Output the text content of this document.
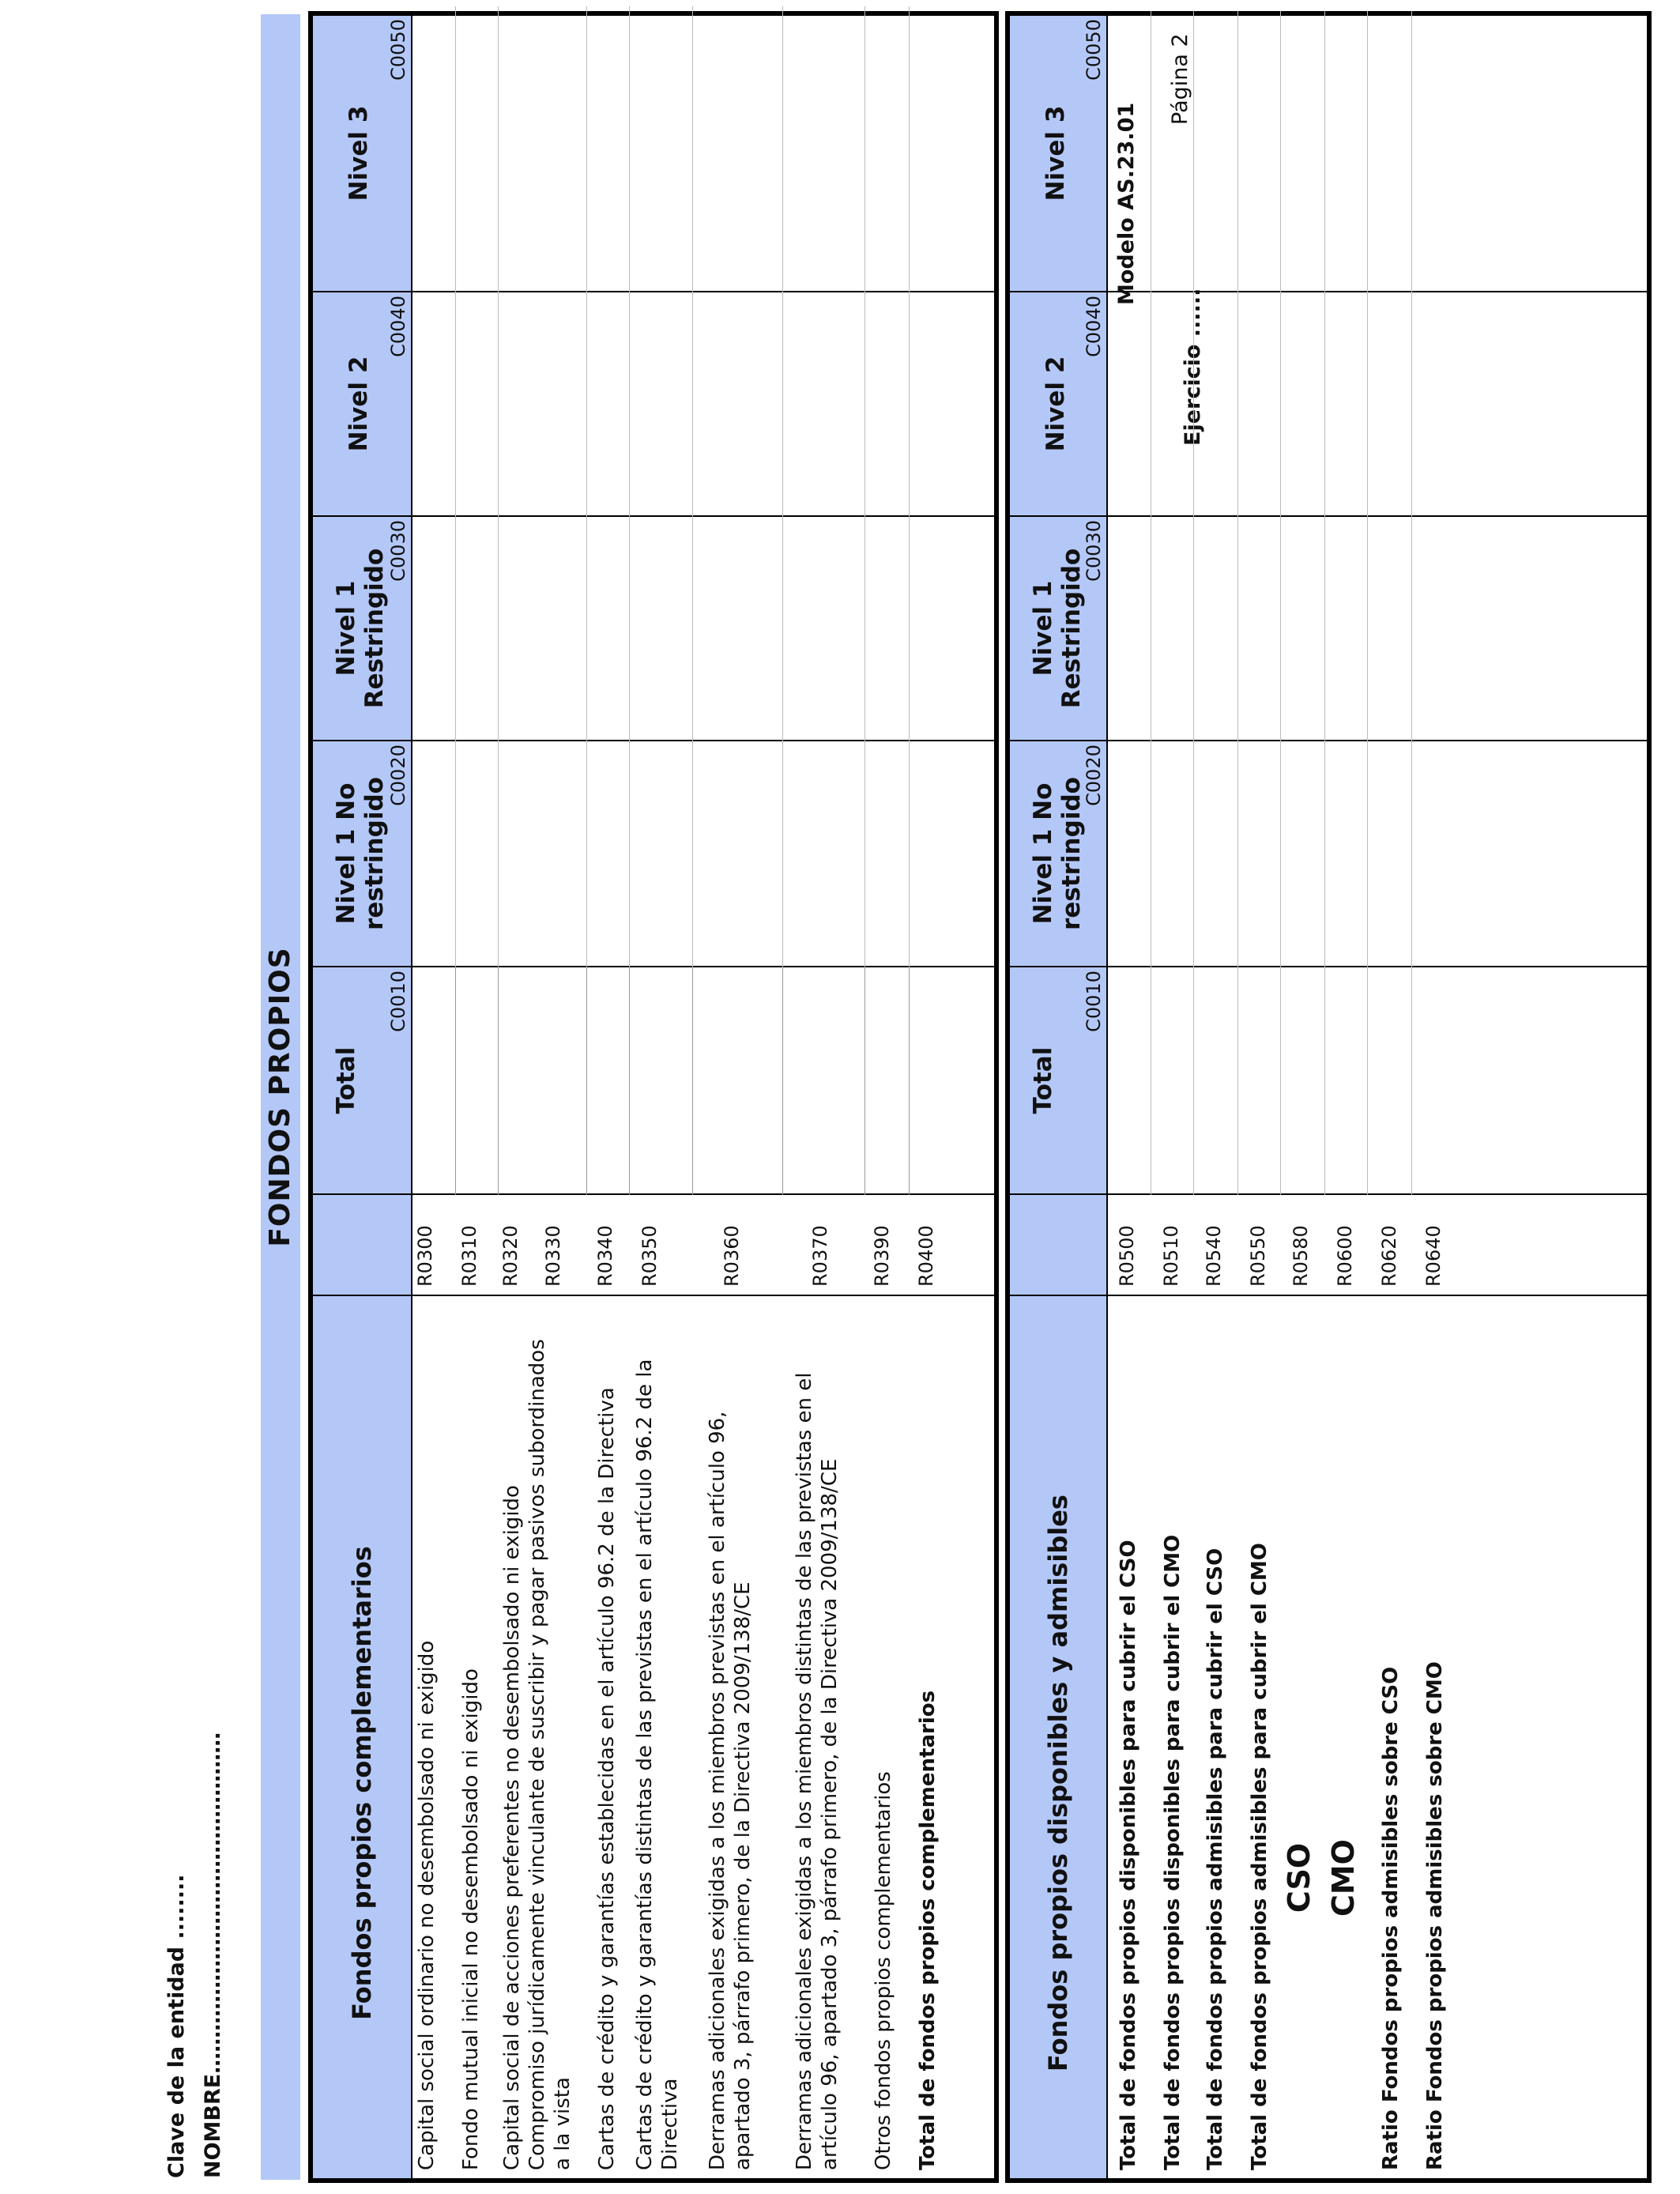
Clave de la entidad ........ NOMBRE…………………………………………
Modelo AS.23.01
Página 2
Ejercicio ......
FONDOS PROPIOS
Fondos propios complementarios
Total
C0010
Nivel 1 No restringido
C0020
Nivel 1 Restringido
C0030
Nivel 2
C0040
Nivel 3
C0050
Capital social ordinario no desembolsado ni exigido
R0300
Fondo mutual inicial no desembolsado ni exigido
R0310
Capital social de acciones preferentes no desembolsado ni exigido
R0320
Compromiso jurídicamente vinculante de suscribir y pagar pasivos subordinados a la vista
R0330
Cartas de crédito y garantías establecidas en el artículo 96.2 de la Directiva
R0340
Cartas de crédito y garantías distintas de las previstas en el artículo 96.2 de la Directiva
R0350
Derramas adicionales exigidas a los miembros previstas en el artículo 96, apartado 3, párrafo primero, de la Directiva 2009/138/CE
R0360
Derramas adicionales exigidas a los miembros distintas de las previstas en el artículo 96, apartado 3, párrafo primero, de la Directiva 2009/138/CE
R0370
Otros fondos propios complementarios
R0390
Total de fondos propios complementarios
R0400
Fondos propios disponibles y admisibles
Total
C0010
Nivel 1 No restringido
C0020
Nivel 1 Restringido
C0030
Nivel 2
C0040
Nivel 3
C0050
Total de fondos propios disponibles para cubrir el CSO
R0500
Total de fondos propios disponibles para cubrir el CMO
R0510
Total de fondos propios admisibles para cubrir el CSO
R0540
Total de fondos propios admisibles para cubrir el CMO
R0550
CSO
R0580
CMO
R0600
Ratio Fondos propios admisibles sobre CSO
R0620
Ratio Fondos propios admisibles sobre CMO
R0640
